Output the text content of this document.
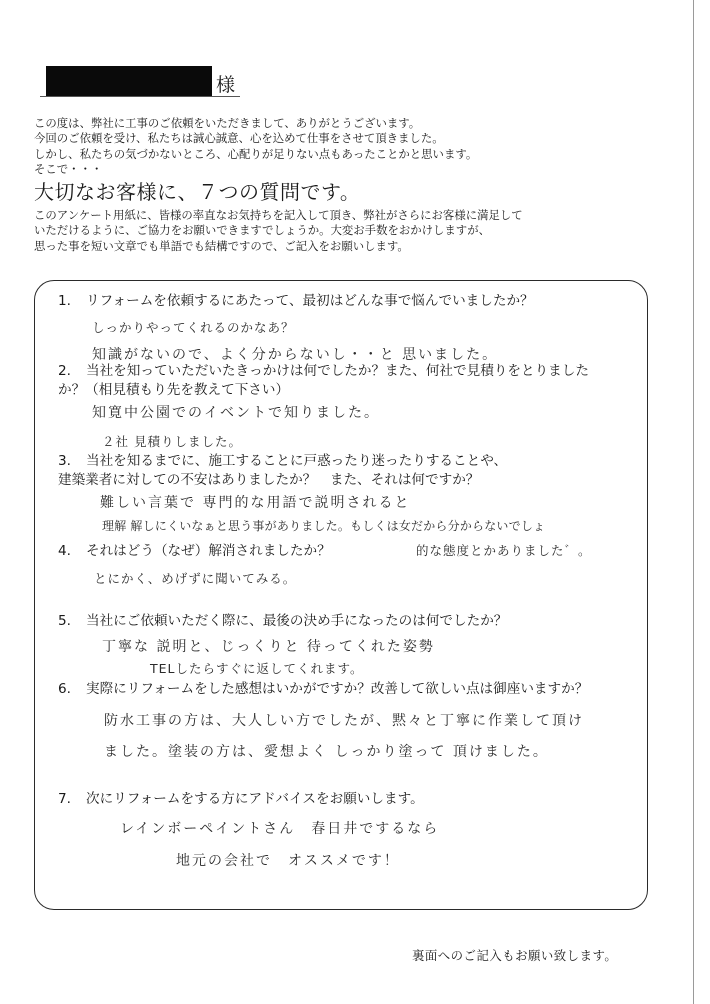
様

この度は、弊社に工事のご依頼をいただきまして、ありがとうございます。
今回のご依頼を受け、私たちは誠心誠意、心を込めて仕事をさせて頂きました。
しかし、私たちの気づかないところ、心配りが足りない点もあったことかと思います。
そこで・・・

大切なお客様に、７つの質問です。

このアンケート用紙に、皆様の率直なお気持ちを記入して頂き、弊社がさらにお客様に満足して
いただけるように、ご協力をお願いできますでしょうか。大変お手数をおかけしますが、
思った事を短い文章でも単語でも結構ですので、ご記入をお願いします。

1. リフォームを依頼するにあたって、最初はどんな事で悩んでいましたか？
しっかりやってくれるのかなあ？
知識がないので、よく分からないし・・と 思いました。
2. 当社を知っていただいたきっかけは何でしたか？また、何社で見積りをとりました
か？（相見積もり先を教えて下さい）
知寛中公園でのイベントで知りました。
２社 見積りしました。
3. 当社を知るまでに、施工することに戸惑ったり迷ったりすることや、
建築業者に対しての不安はありましたか？　また、それは何ですか？
難しい言葉で 専門的な用語で説明されると
理解 解しにくいなぁと思う事がありました。もしくは女だから分からないでしょ
的な態度とかありました゛。
4. それはどう（なぜ）解消されましたか？
とにかく、めげずに聞いてみる。
5. 当社にご依頼いただく際に、最後の決め手になったのは何でしたか？
丁寧な 説明と、じっくりと 待ってくれた姿勢
TELしたらすぐに返してくれます。
6. 実際にリフォームをした感想はいかがですか？改善して欲しい点は御座いますか？
防水工事の方は、大人しい方でしたが、黙々と丁寧に作業して頂け
ました。塗装の方は、愛想よく しっかり塗って 頂けました。
7. 次にリフォームをする方にアドバイスをお願いします。
レインボーペイントさん　春日井でするなら
地元の会社で　オススメです！
裏面へのご記入もお願い致します。
